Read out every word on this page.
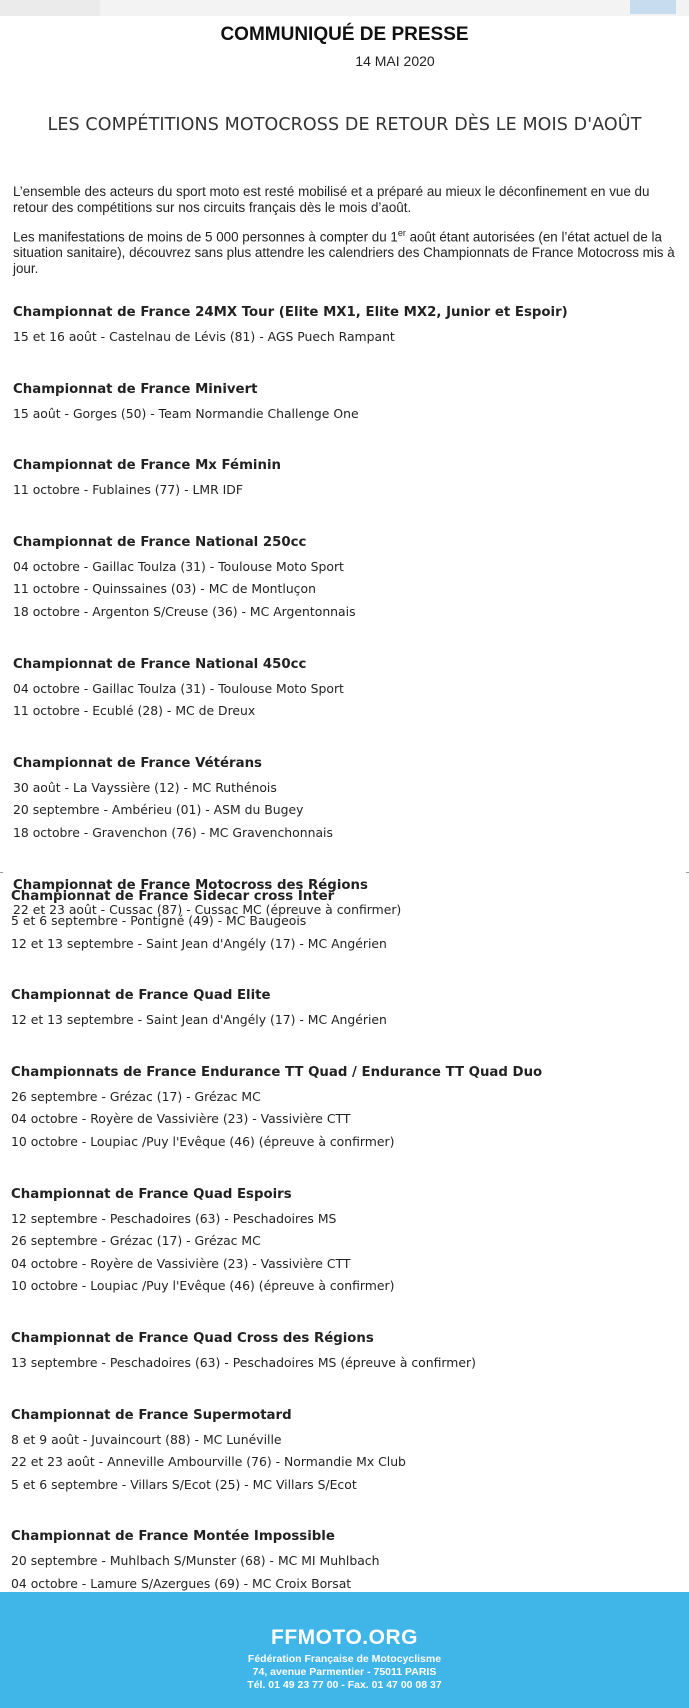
COMMUNIQUÉ DE PRESSE
14 MAI 2020
LES COMPÉTITIONS MOTOCROSS DE RETOUR DÈS LE MOIS D'AOÛT

L’ensemble des acteurs du sport moto est resté mobilisé et a préparé au mieux le déconfinement en vue du retour des compétitions sur nos circuits français dès le mois d’août.

Les manifestations de moins de 5 000 personnes à compter du 1er août étant autorisées (en l’état actuel de la situation sanitaire), découvrez sans plus attendre les calendriers des Championnats de France Motocross mis à jour.

Championnat de France 24MX Tour (Elite MX1, Elite MX2, Junior et Espoir)
15 et 16 août - Castelnau de Lévis (81) - AGS Puech Rampant
Championnat de France Minivert
15 août - Gorges (50) - Team Normandie Challenge One
Championnat de France Mx Féminin
11 octobre - Fublaines (77) - LMR IDF
Championnat de France National 250cc
04 octobre - Gaillac Toulza (31) - Toulouse Moto Sport
11 octobre - Quinssaines (03) - MC de Montluçon
18 octobre - Argenton S/Creuse (36) - MC Argentonnais
Championnat de France National 450cc
04 octobre - Gaillac Toulza (31) - Toulouse Moto Sport
11 octobre - Ecublé (28) - MC de Dreux
Championnat de France Vétérans
30 août - La Vayssière (12) - MC Ruthénois
20 septembre - Ambérieu (01) - ASM du Bugey
18 octobre - Gravenchon (76) - MC Gravenchonnais
Championnat de France Motocross des Régions
22 et 23 août - Cussac (87) - Cussac MC (épreuve à confirmer)
Championnat de France Sidecar cross Inter
5 et 6 septembre - Pontigné (49) - MC Baugeois
12 et 13 septembre - Saint Jean d'Angély (17) - MC Angérien
Championnat de France Quad Elite
12 et 13 septembre - Saint Jean d'Angély (17) - MC Angérien
Championnats de France Endurance TT Quad / Endurance TT Quad Duo
26 septembre - Grézac (17) - Grézac MC
04 octobre - Royère de Vassivière (23) - Vassivière CTT
10 octobre - Loupiac /Puy l'Evêque (46) (épreuve à confirmer)
Championnat de France Quad Espoirs
12 septembre - Peschadoires (63) - Peschadoires MS
26 septembre - Grézac (17) - Grézac MC
04 octobre - Royère de Vassivière (23) - Vassivière CTT
10 octobre - Loupiac /Puy l'Evêque (46) (épreuve à confirmer)
Championnat de France Quad Cross des Régions
13 septembre - Peschadoires (63) - Peschadoires MS (épreuve à confirmer)
Championnat de France Supermotard
8 et 9 août - Juvaincourt (88) - MC Lunéville
22 et 23 août - Anneville Ambourville (76) - Normandie Mx Club
5 et 6 septembre - Villars S/Ecot (25) - MC Villars S/Ecot
Championnat de France Montée Impossible
20 septembre - Muhlbach S/Munster (68) - MC MI Muhlbach
04 octobre - Lamure S/Azergues (69) - MC Croix Borsat
FFMOTO.ORG
Fédération Française de Motocyclisme
74, avenue Parmentier - 75011 PARIS
Tél. 01 49 23 77 00 - Fax. 01 47 00 08 37
